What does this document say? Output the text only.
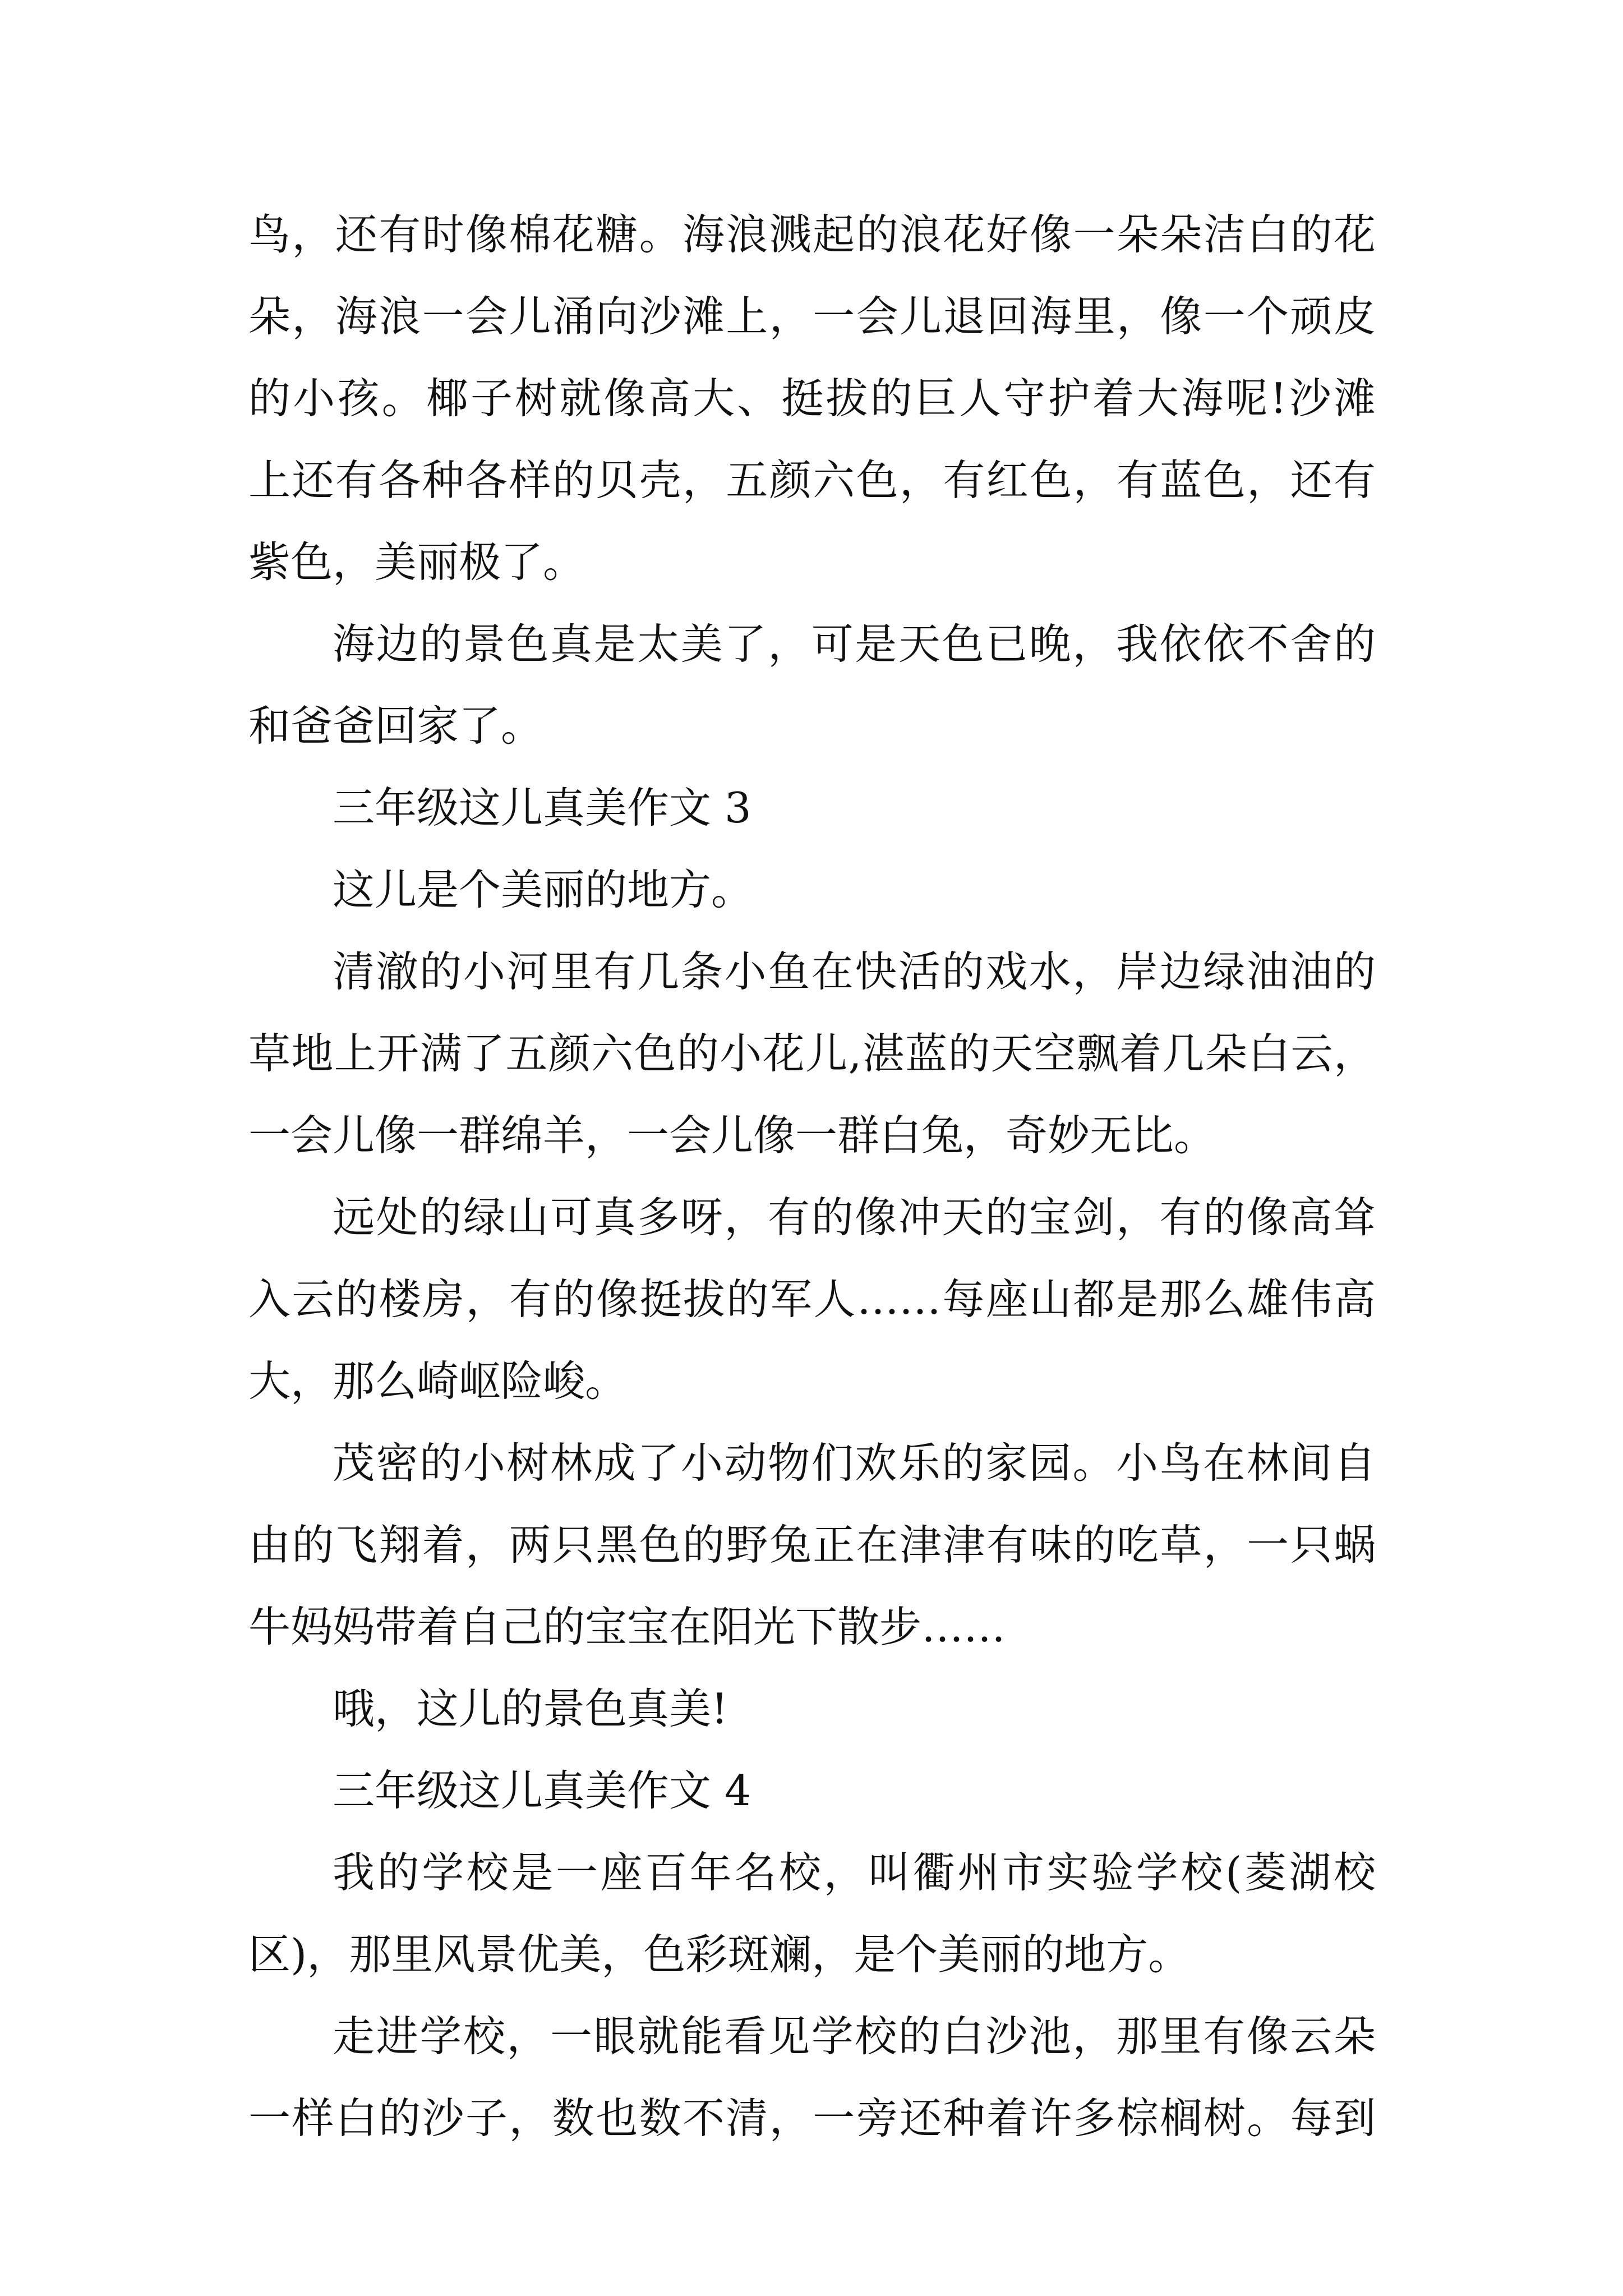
鸟，还有时像棉花糖。海浪溅起的浪花好像一朵朵洁白的花
朵，海浪一会儿涌向沙滩上，一会儿退回海里，像一个顽皮
的小孩。椰子树就像高大、挺拔的巨人守护着大海呢!沙滩
上还有各种各样的贝壳，五颜六色，有红色，有蓝色，还有
紫色，美丽极了。
海边的景色真是太美了，可是天色已晚，我依依不舍的
和爸爸回家了。
三年级这儿真美作文 3
这儿是个美丽的地方。
清澈的小河里有几条小鱼在快活的戏水，岸边绿油油的
草地上开满了五颜六色的小花儿,湛蓝的天空飘着几朵白云，
一会儿像一群绵羊，一会儿像一群白兔，奇妙无比。
远处的绿山可真多呀，有的像冲天的宝剑，有的像高耸
入云的楼房，有的像挺拔的军人……每座山都是那么雄伟高
大，那么崎岖险峻。
茂密的小树林成了小动物们欢乐的家园。小鸟在林间自
由的飞翔着，两只黑色的野兔正在津津有味的吃草，一只蜗
牛妈妈带着自己的宝宝在阳光下散步……
哦，这儿的景色真美!
三年级这儿真美作文 4
我的学校是一座百年名校，叫衢州市实验学校(菱湖校
区)，那里风景优美，色彩斑斓，是个美丽的地方。
走进学校，一眼就能看见学校的白沙池，那里有像云朵
一样白的沙子，数也数不清，一旁还种着许多棕榈树。每到
